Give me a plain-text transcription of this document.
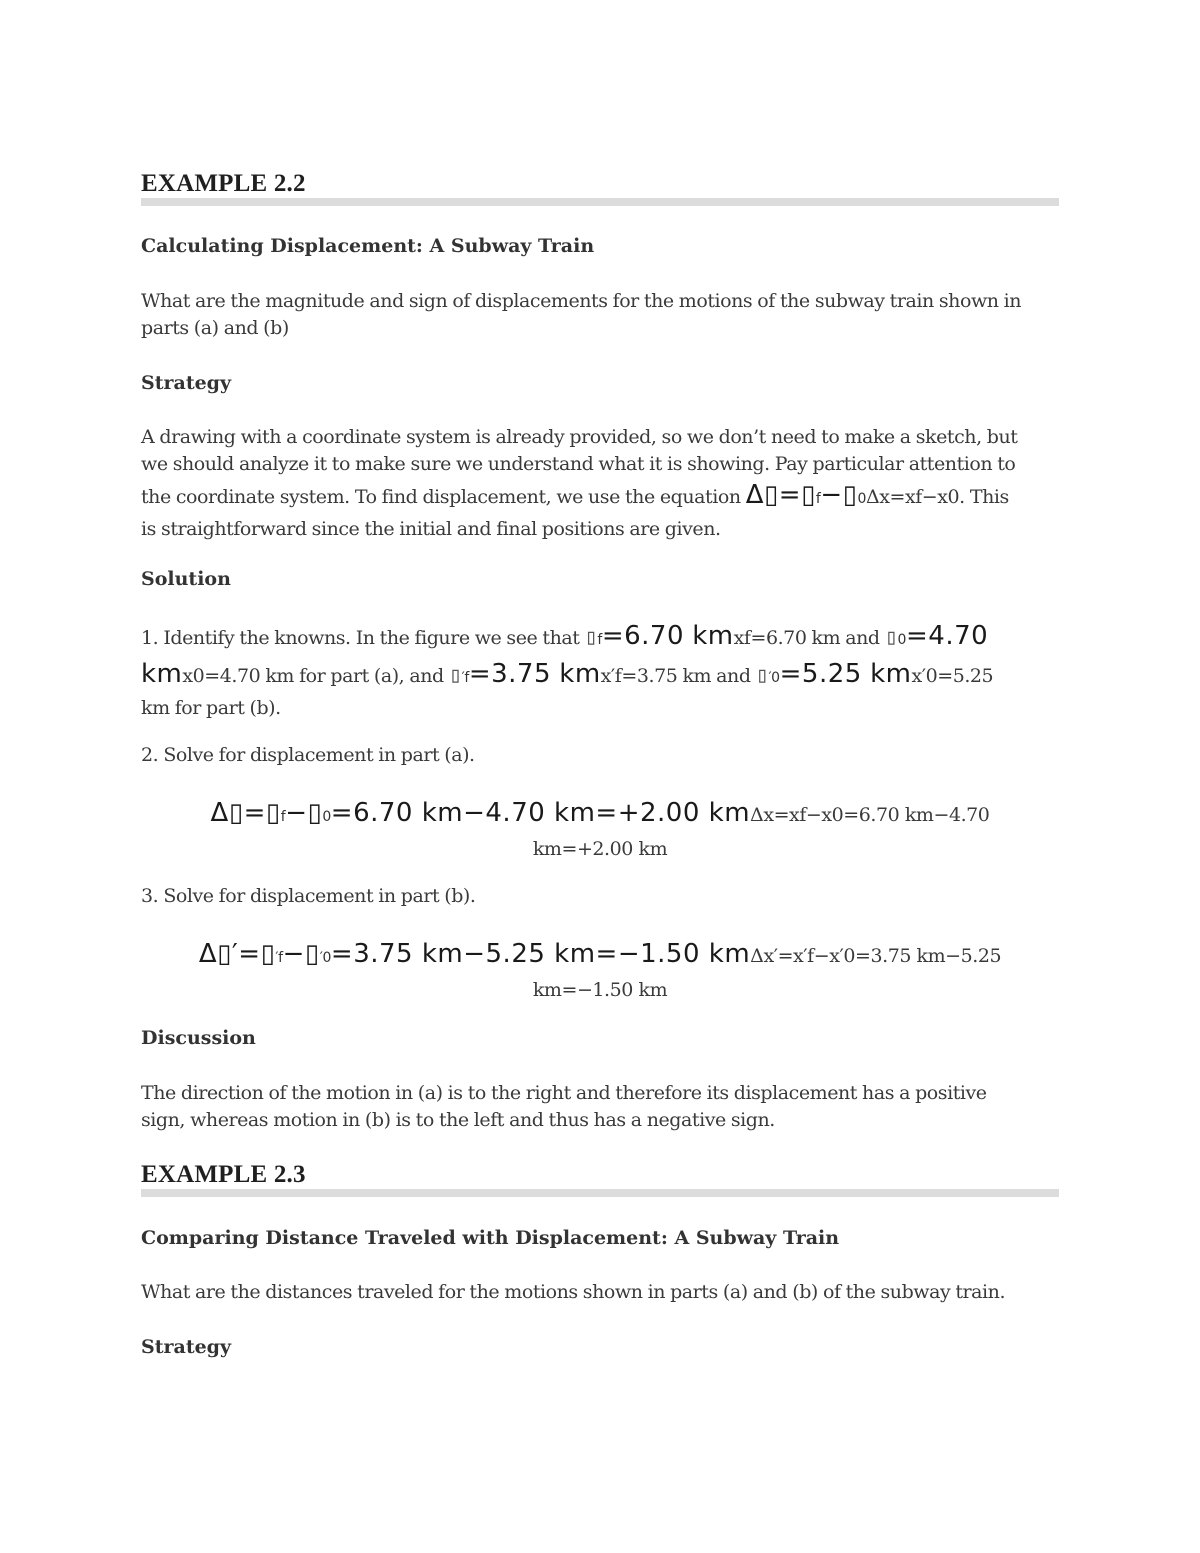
EXAMPLE 2.2
Calculating Displacement: A Subway Train
What are the magnitude and sign of displacements for the motions of the subway train shown in
parts (a) and (b)
Strategy
A drawing with a coordinate system is already provided, so we don’t need to make a sketch, but
we should analyze it to make sure we understand what it is showing. Pay particular attention to
the coordinate system. To find displacement, we use the equation Δ▯=▯f−▯0Δx=xf−x0. This
is straightforward since the initial and final positions are given.
Solution
1. Identify the knowns. In the figure we see that ▯f=6.70 kmxf=6.70 km and ▯0=4.70
kmx0=4.70 km for part (a), and ▯′f=3.75 kmx′f=3.75 km and ▯′0=5.25 kmx′0=5.25
km for part (b).
2. Solve for displacement in part (a).
Δ▯=▯f−▯0=6.70 km−4.70 km=+2.00 kmΔx=xf−x0=6.70 km−4.70
km=+2.00 km
3. Solve for displacement in part (b).
Δ▯′=▯′f−▯′0=3.75 km−5.25 km=−1.50 kmΔx′=x′f−x′0=3.75 km−5.25
km=−1.50 km
Discussion
The direction of the motion in (a) is to the right and therefore its displacement has a positive
sign, whereas motion in (b) is to the left and thus has a negative sign.
EXAMPLE 2.3
Comparing Distance Traveled with Displacement: A Subway Train
What are the distances traveled for the motions shown in parts (a) and (b) of the subway train.
Strategy
